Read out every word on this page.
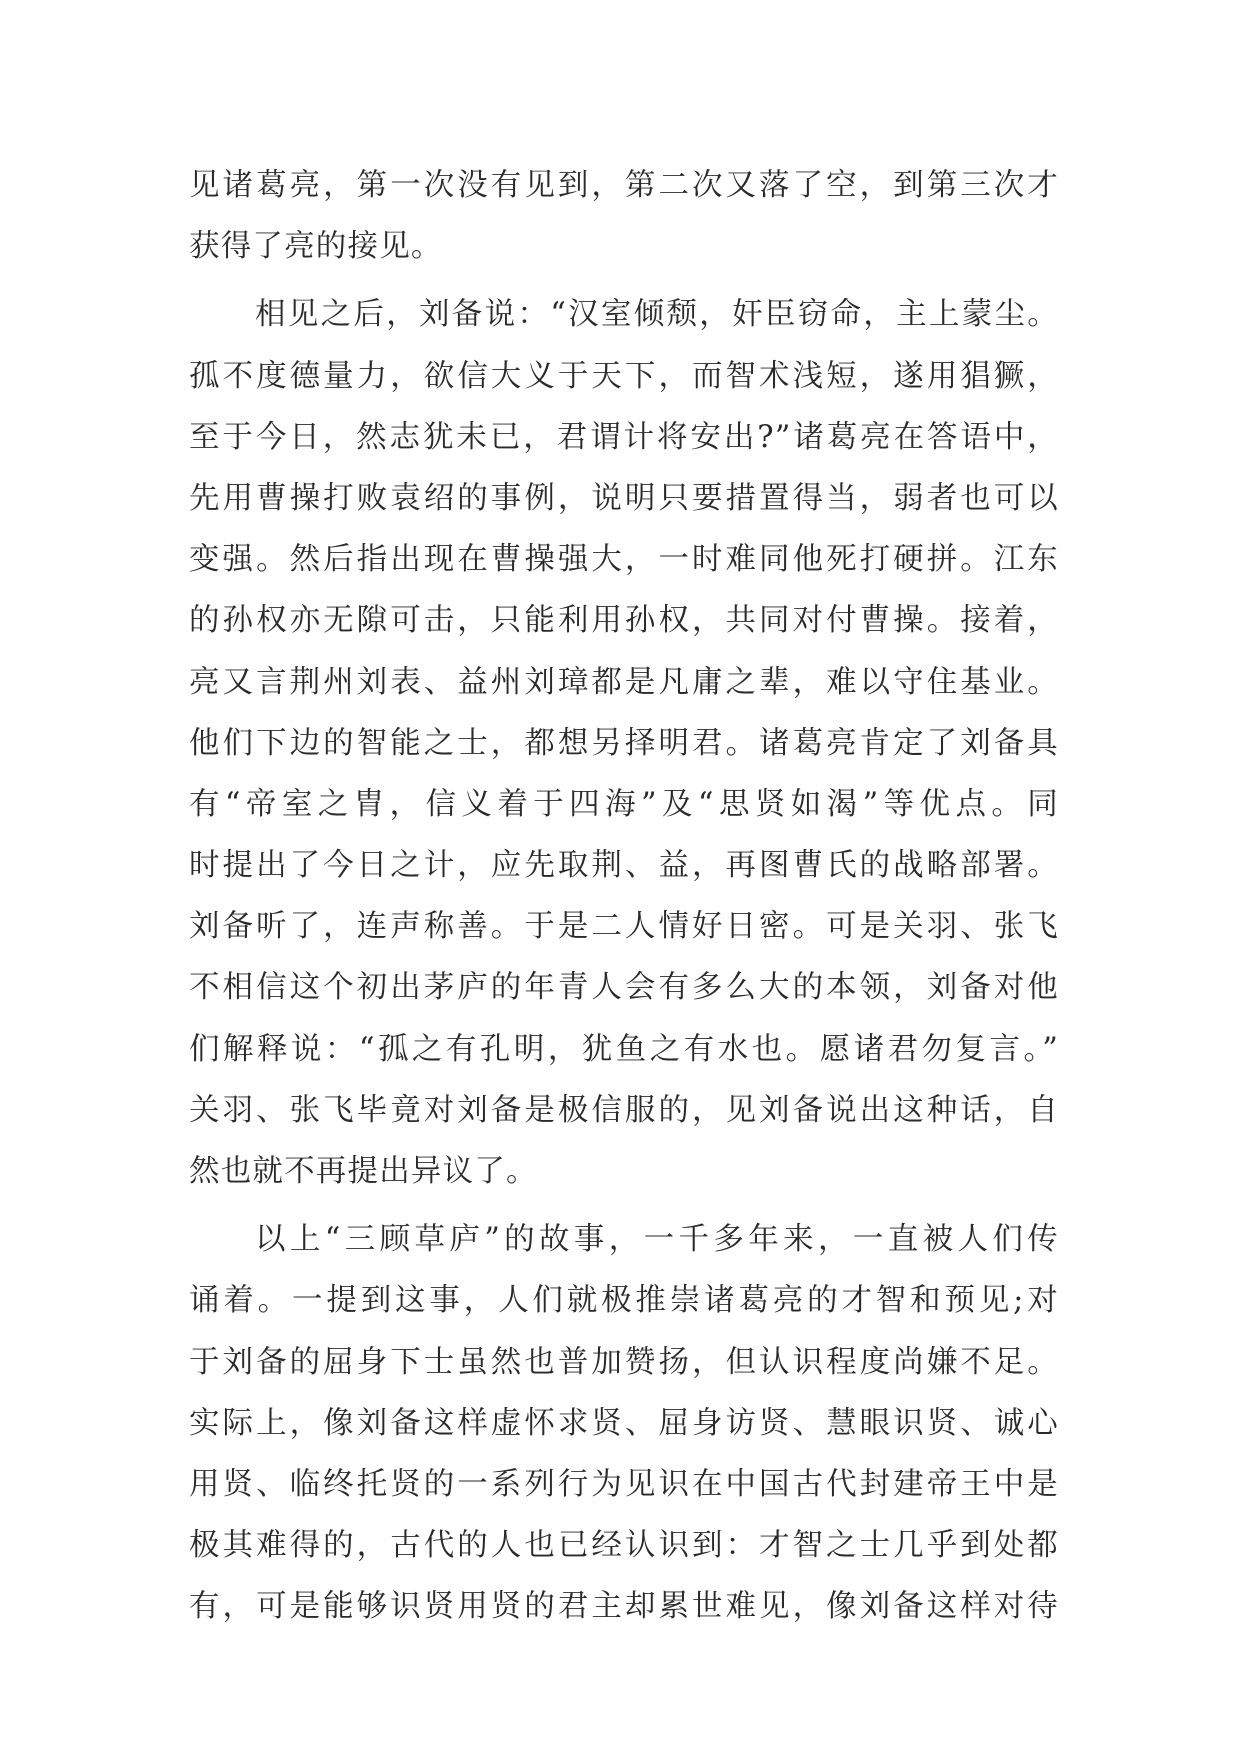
见诸葛亮，第一次没有见到，第二次又落了空，到第三次才
获得了亮的接见。
相见之后，刘备说：“汉室倾颓，奸臣窃命，主上蒙尘。
孤不度德量力，欲信大义于天下，而智术浅短，遂用猖獗，
至于今日，然志犹未已，君谓计将安出?”诸葛亮在答语中，
先用曹操打败袁绍的事例，说明只要措置得当，弱者也可以
变强。然后指出现在曹操强大，一时难同他死打硬拼。江东
的孙权亦无隙可击，只能利用孙权，共同对付曹操。接着，
亮又言荆州刘表、益州刘璋都是凡庸之辈，难以守住基业。
他们下边的智能之士，都想另择明君。诸葛亮肯定了刘备具
有“帝室之胄，信义着于四海”及“思贤如渴”等优点。同
时提出了今日之计，应先取荆、益，再图曹氏的战略部署。
刘备听了，连声称善。于是二人情好日密。可是关羽、张飞
不相信这个初出茅庐的年青人会有多么大的本领，刘备对他
们解释说：“孤之有孔明，犹鱼之有水也。愿诸君勿复言。”
关羽、张飞毕竟对刘备是极信服的，见刘备说出这种话，自
然也就不再提出异议了。
以上“三顾草庐”的故事，一千多年来，一直被人们传
诵着。一提到这事，人们就极推崇诸葛亮的才智和预见;对
于刘备的屈身下士虽然也普加赞扬，但认识程度尚嫌不足。
实际上，像刘备这样虚怀求贤、屈身访贤、慧眼识贤、诚心
用贤、临终托贤的一系列行为见识在中国古代封建帝王中是
极其难得的，古代的人也已经认识到：才智之士几乎到处都
有，可是能够识贤用贤的君主却累世难见，像刘备这样对待
